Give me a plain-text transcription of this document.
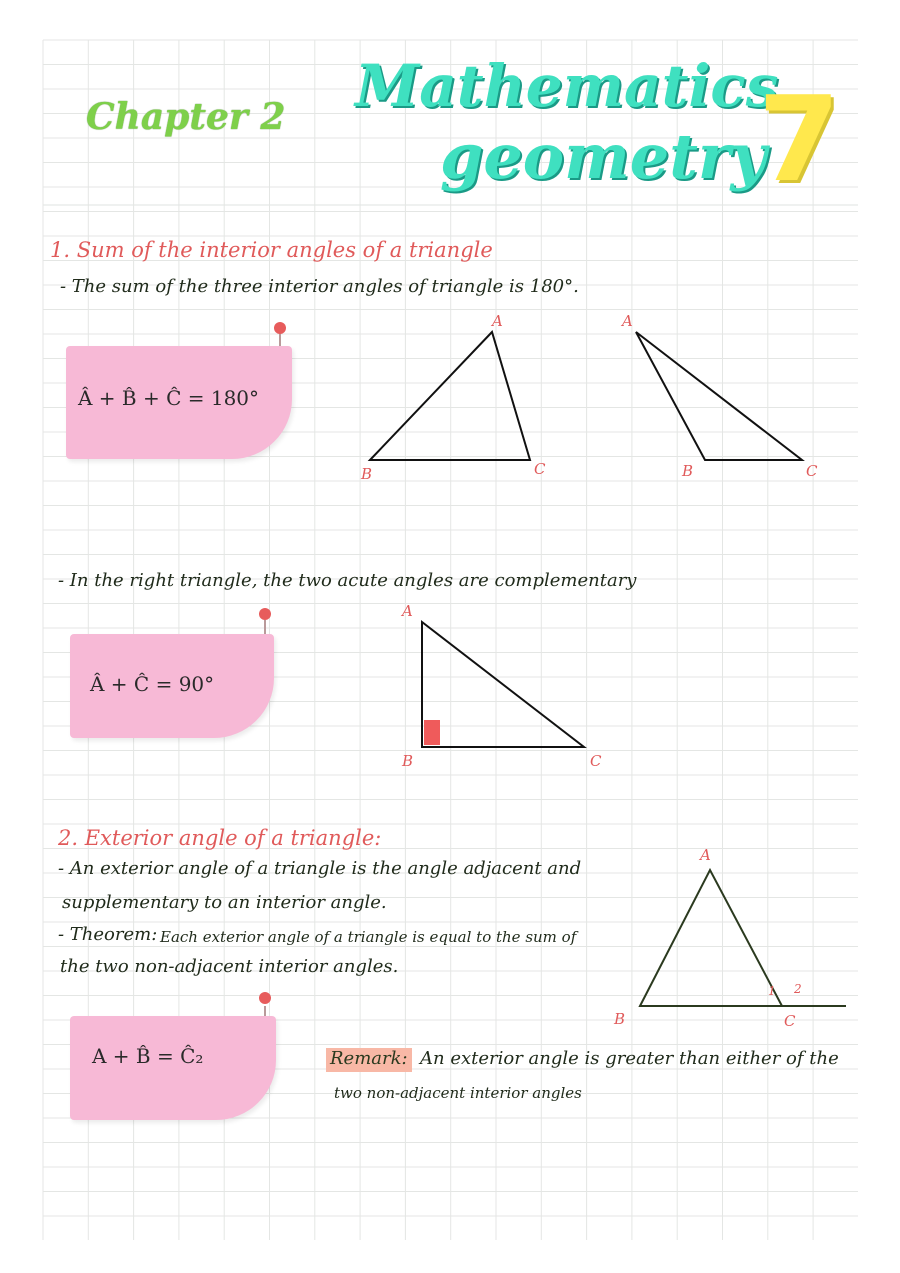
Chapter 2 Mathematics
geometry
7
1. Sum of the interior angles of a triangle
- The sum of the three interior angles of triangle is 180°.
Â + B̂ + Ĉ = 180°
A
B	C
A
B	C
- In the right triangle, the two acute angles are complementary
Â + Ĉ = 90°
A
B	C
2. Exterior angle of a triangle:
- An exterior angle of a triangle is the angle adjacent and
supplementary to an interior angle.
- Theorem: Each exterior angle of a triangle is equal to the sum of
the two non-adjacent interior angles.
A + B̂ = Ĉ₂
A
B	C
1 2
Remark: An exterior angle is greater than either of the
two non-adjacent interior angles
